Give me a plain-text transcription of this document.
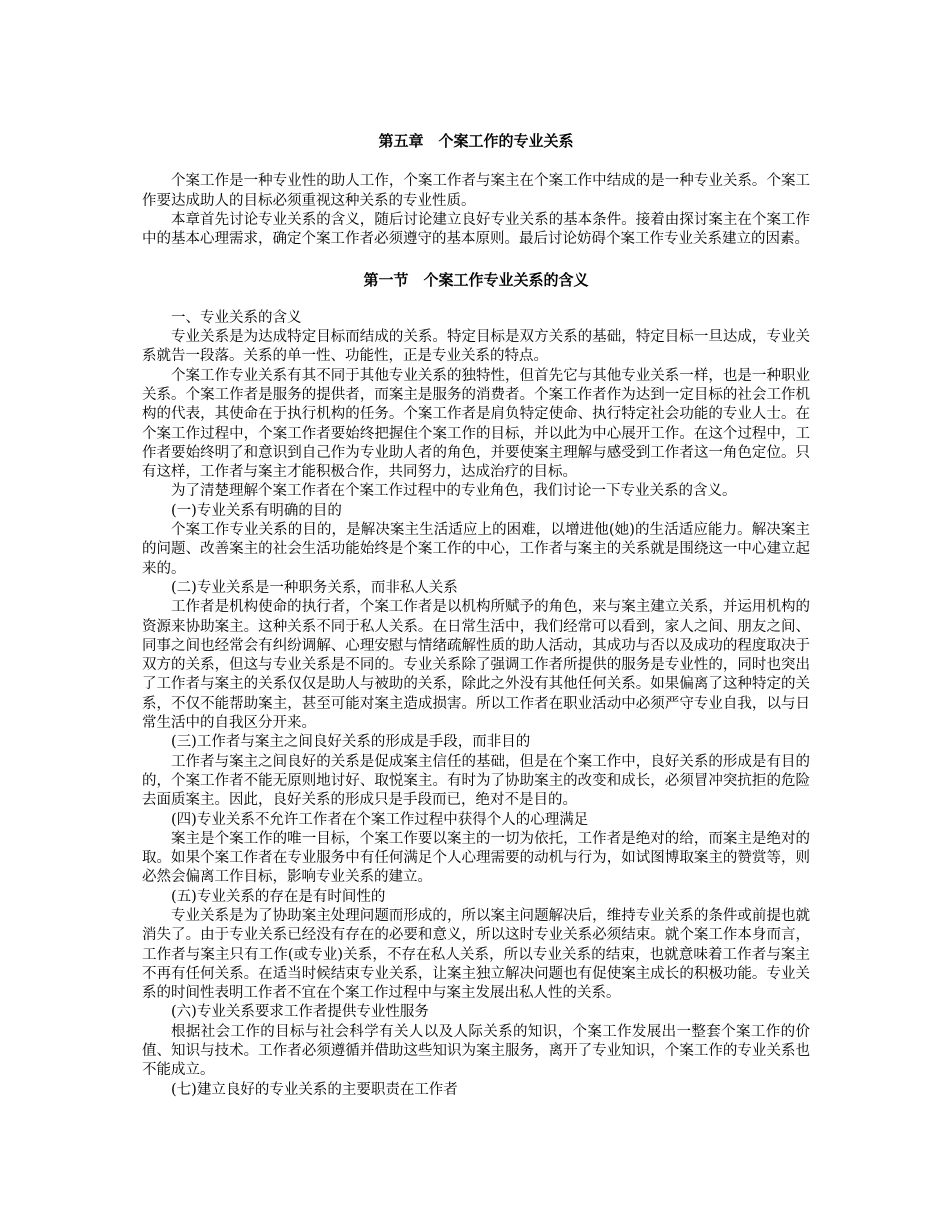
第五章　个案工作的专业关系

个案工作是一种专业性的助人工作，个案工作者与案主在个案工作中结成的是一种专业关系。个案工作要达成助人的目标必须重视这种关系的专业性质。

本章首先讨论专业关系的含义，随后讨论建立良好专业关系的基本条件。接着由探讨案主在个案工作中的基本心理需求，确定个案工作者必须遵守的基本原则。最后讨论妨碍个案工作专业关系建立的因素。

第一节　个案工作专业关系的含义

一、专业关系的含义

专业关系是为达成特定目标而结成的关系。特定目标是双方关系的基础，特定目标一旦达成，专业关系就告一段落。关系的单一性、功能性，正是专业关系的特点。

个案工作专业关系有其不同于其他专业关系的独特性，但首先它与其他专业关系一样，也是一种职业关系。个案工作者是服务的提供者，而案主是服务的消费者。个案工作者作为达到一定目标的社会工作机构的代表，其使命在于执行机构的任务。个案工作者是肩负特定使命、执行特定社会功能的专业人士。在个案工作过程中，个案工作者要始终把握住个案工作的目标，并以此为中心展开工作。在这个过程中，工作者要始终明了和意识到自己作为专业助人者的角色，并要使案主理解与感受到工作者这一角色定位。只有这样，工作者与案主才能积极合作，共同努力，达成治疗的目标。

为了清楚理解个案工作者在个案工作过程中的专业角色，我们讨论一下专业关系的含义。

(一)专业关系有明确的目的

个案工作专业关系的目的，是解决案主生活适应上的困难，以增进他(她)的生活适应能力。解决案主的问题、改善案主的社会生活功能始终是个案工作的中心，工作者与案主的关系就是围绕这一中心建立起来的。

(二)专业关系是一种职务关系，而非私人关系

工作者是机构使命的执行者，个案工作者是以机构所赋予的角色，来与案主建立关系，并运用机构的资源来协助案主。这种关系不同于私人关系。在日常生活中，我们经常可以看到，家人之间、朋友之间、同事之间也经常会有纠纷调解、心理安慰与情绪疏解性质的助人活动，其成功与否以及成功的程度取决于双方的关系，但这与专业关系是不同的。专业关系除了强调工作者所提供的服务是专业性的，同时也突出了工作者与案主的关系仅仅是助人与被助的关系，除此之外没有其他任何关系。如果偏离了这种特定的关系，不仅不能帮助案主，甚至可能对案主造成损害。所以工作者在职业活动中必须严守专业自我，以与日常生活中的自我区分开来。

(三)工作者与案主之间良好关系的形成是手段，而非目的

工作者与案主之间良好的关系是促成案主信任的基础，但是在个案工作中，良好关系的形成是有目的的，个案工作者不能无原则地讨好、取悦案主。有时为了协助案主的改变和成长，必须冒冲突抗拒的危险去面质案主。因此，良好关系的形成只是手段而已，绝对不是目的。

(四)专业关系不允许工作者在个案工作过程中获得个人的心理满足

案主是个案工作的唯一目标，个案工作要以案主的一切为依托，工作者是绝对的给，而案主是绝对的取。如果个案工作者在专业服务中有任何满足个人心理需要的动机与行为，如试图博取案主的赞赏等，则必然会偏离工作目标，影响专业关系的建立。

(五)专业关系的存在是有时间性的

专业关系是为了协助案主处理问题而形成的，所以案主问题解决后，维持专业关系的条件或前提也就消失了。由于专业关系已经没有存在的必要和意义，所以这时专业关系必须结束。就个案工作本身而言，工作者与案主只有工作(或专业)关系，不存在私人关系，所以专业关系的结束，也就意味着工作者与案主不再有任何关系。在适当时候结束专业关系，让案主独立解决问题也有促使案主成长的积极功能。专业关系的时间性表明工作者不宜在个案工作过程中与案主发展出私人性的关系。

(六)专业关系要求工作者提供专业性服务

根据社会工作的目标与社会科学有关人以及人际关系的知识，个案工作发展出一整套个案工作的价值、知识与技术。工作者必须遵循并借助这些知识为案主服务，离开了专业知识，个案工作的专业关系也不能成立。

(七)建立良好的专业关系的主要职责在工作者
